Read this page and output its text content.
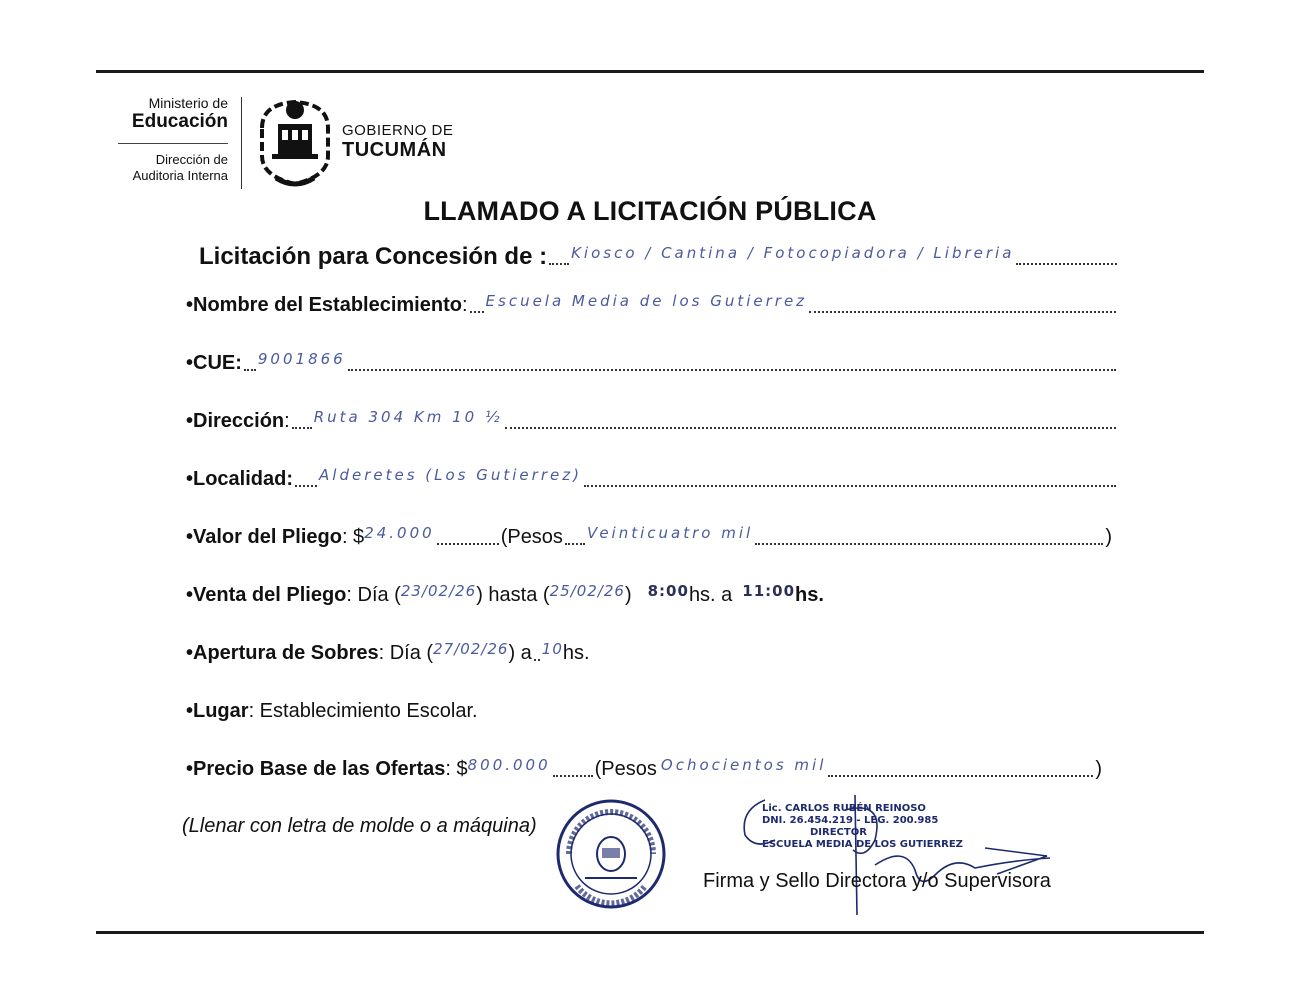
Ministerio de
Educación
Dirección de
Auditoria Interna
GOBIERNO DE
TUCUMÁN
LLAMADO A LICITACIÓN PÚBLICA
Licitación para Concesión de : Kiosco / Cantina / Fotocopiadora / Libreria
•Nombre del Establecimiento : Escuela Media de los Gutierrez
•CUE: 9001866
•Dirección : Ruta 304 Km 10 ½
•Localidad: Alderetes (Los Gutierrez)
•Valor del Pliego : $ 24.000	(Pesos Veinticuatro mil	)
•Venta del Pliego : Día ( 23/02/26 ) hasta ( 25/02/26 ) 8:00 hs. a 11:00 hs.
•Apertura de Sobres : Día ( 27/02/26 ) a 10 hs.
•Lugar : Establecimiento Escolar.
•Precio Base de las Ofertas : $ 800.000 (Pesos Ochocientos mil	)
(Llenar con letra de molde o a máquina)
Lic. CARLOS RUBÉN REINOSO
DNI. 26.454.219 - LEG. 200.985
DIRECTOR
ESCUELA MEDIA DE LOS GUTIERREZ
Firma y Sello Directora y/o Supervisora
